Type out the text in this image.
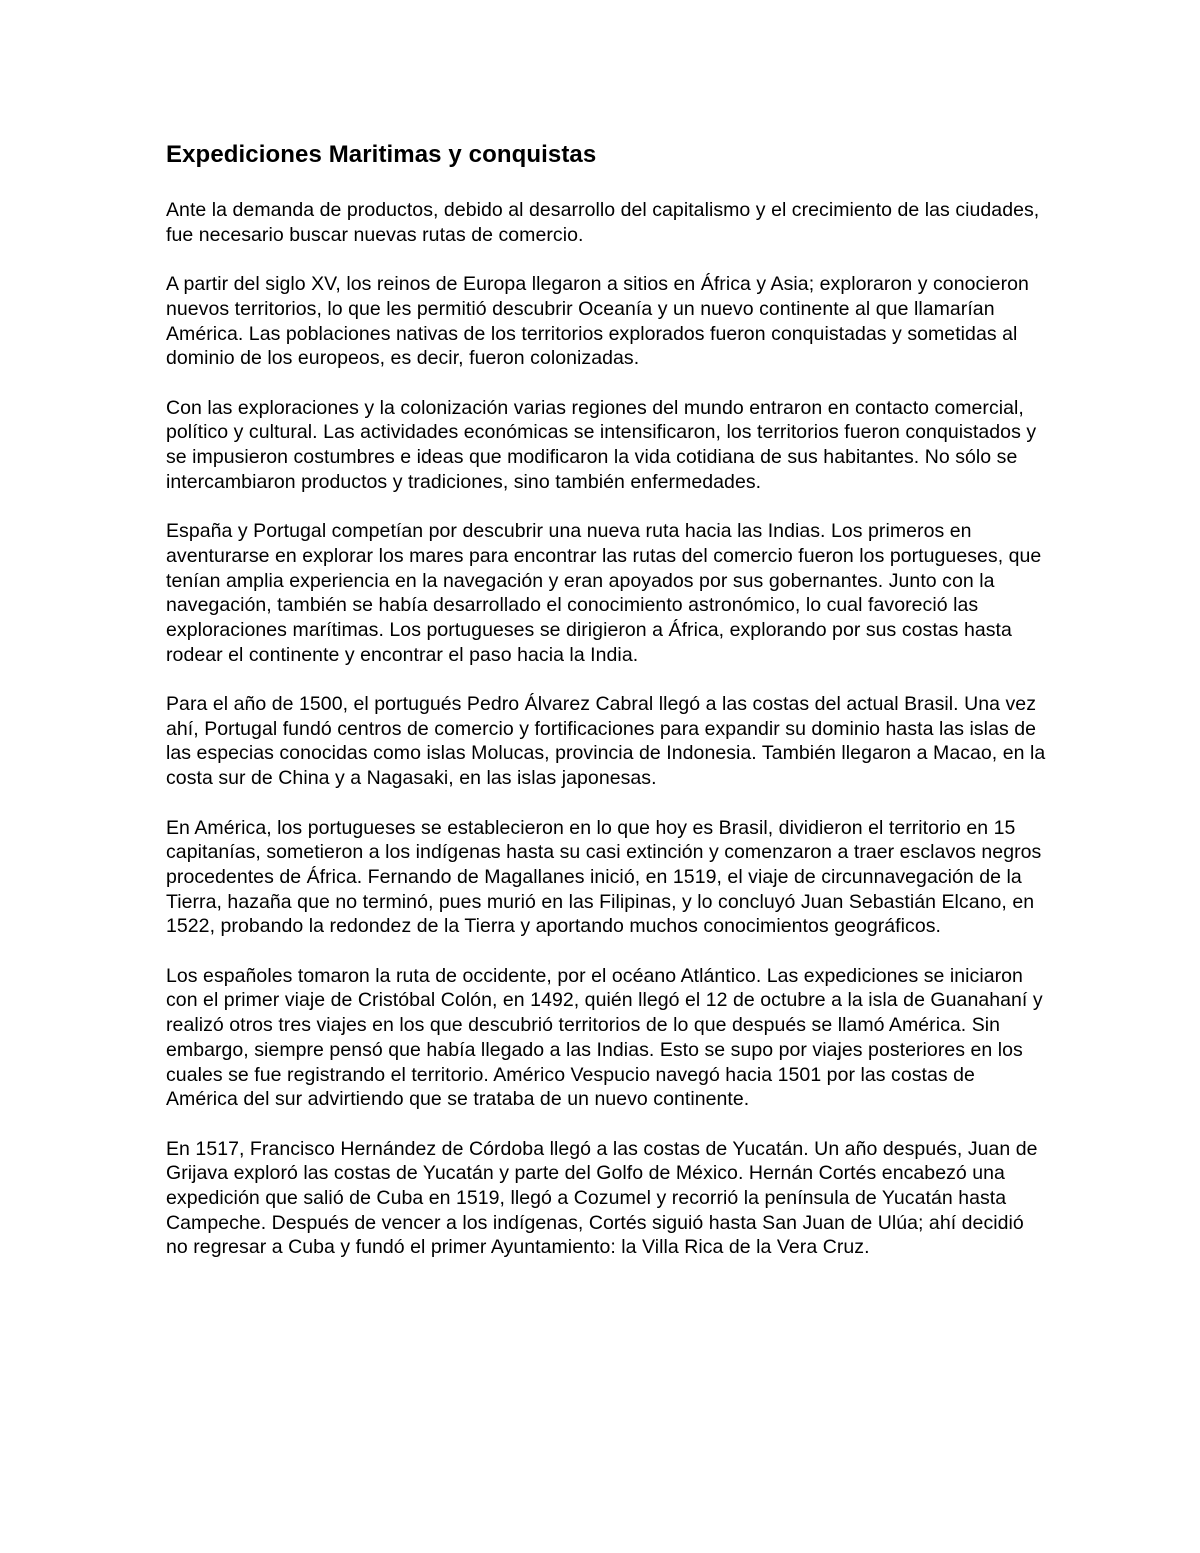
Expediciones Maritimas y conquistas

Ante la demanda de productos, debido al desarrollo del capitalismo y el crecimiento de las ciudades, fue necesario buscar nuevas rutas de comercio.

A partir del siglo XV, los reinos de Europa llegaron a sitios en África y Asia; exploraron y conocieron nuevos territorios, lo que les permitió descubrir Oceanía y un nuevo continente al que llamarían América. Las poblaciones nativas de los territorios explorados fueron conquistadas y sometidas al dominio de los europeos, es decir, fueron colonizadas.

Con las exploraciones y la colonización varias regiones del mundo entraron en contacto comercial, político y cultural. Las actividades económicas se intensificaron, los territorios fueron conquistados y se impusieron costumbres e ideas que modificaron la vida cotidiana de sus habitantes. No sólo se intercambiaron productos y tradiciones, sino también enfermedades.

España y Portugal competían por descubrir una nueva ruta hacia las Indias. Los primeros en aventurarse en explorar los mares para encontrar las rutas del comercio fueron los portugueses, que tenían amplia experiencia en la navegación y eran apoyados por sus gobernantes. Junto con la navegación, también se había desarrollado el conocimiento astronómico, lo cual favoreció las exploraciones marítimas. Los portugueses se dirigieron a África, explorando por sus costas hasta rodear el continente y encontrar el paso hacia la India.

Para el año de 1500, el portugués Pedro Álvarez Cabral llegó a las costas del actual Brasil. Una vez ahí, Portugal fundó centros de comercio y fortificaciones para expandir su dominio hasta las islas de las especias conocidas como islas Molucas, provincia de Indonesia. También llegaron a Macao, en la costa sur de China y a Nagasaki, en las islas japonesas.

En América, los portugueses se establecieron en lo que hoy es Brasil, dividieron el territorio en 15 capitanías, sometieron a los indígenas hasta su casi extinción y comenzaron a traer esclavos negros procedentes de África. Fernando de Magallanes inició, en 1519, el viaje de circunnavegación de la Tierra, hazaña que no terminó, pues murió en las Filipinas, y lo concluyó Juan Sebastián Elcano, en 1522, probando la redondez de la Tierra y aportando muchos conocimientos geográficos.

Los españoles tomaron la ruta de occidente, por el océano Atlántico. Las expediciones se iniciaron con el primer viaje de Cristóbal Colón, en 1492, quién llegó el 12 de octubre a la isla de Guanahaní y realizó otros tres viajes en los que descubrió territorios de lo que después se llamó América. Sin embargo, siempre pensó que había llegado a las Indias. Esto se supo por viajes posteriores en los cuales se fue registrando el territorio. Américo Vespucio navegó hacia 1501 por las costas de América del sur advirtiendo que se trataba de un nuevo continente.

En 1517, Francisco Hernández de Córdoba llegó a las costas de Yucatán. Un año después, Juan de Grijava exploró las costas de Yucatán y parte del Golfo de México. Hernán Cortés encabezó una expedición que salió de Cuba en 1519, llegó a Cozumel y recorrió la península de Yucatán hasta Campeche. Después de vencer a los indígenas, Cortés siguió hasta San Juan de Ulúa; ahí decidió no regresar a Cuba y fundó el primer Ayuntamiento: la Villa Rica de la Vera Cruz.
